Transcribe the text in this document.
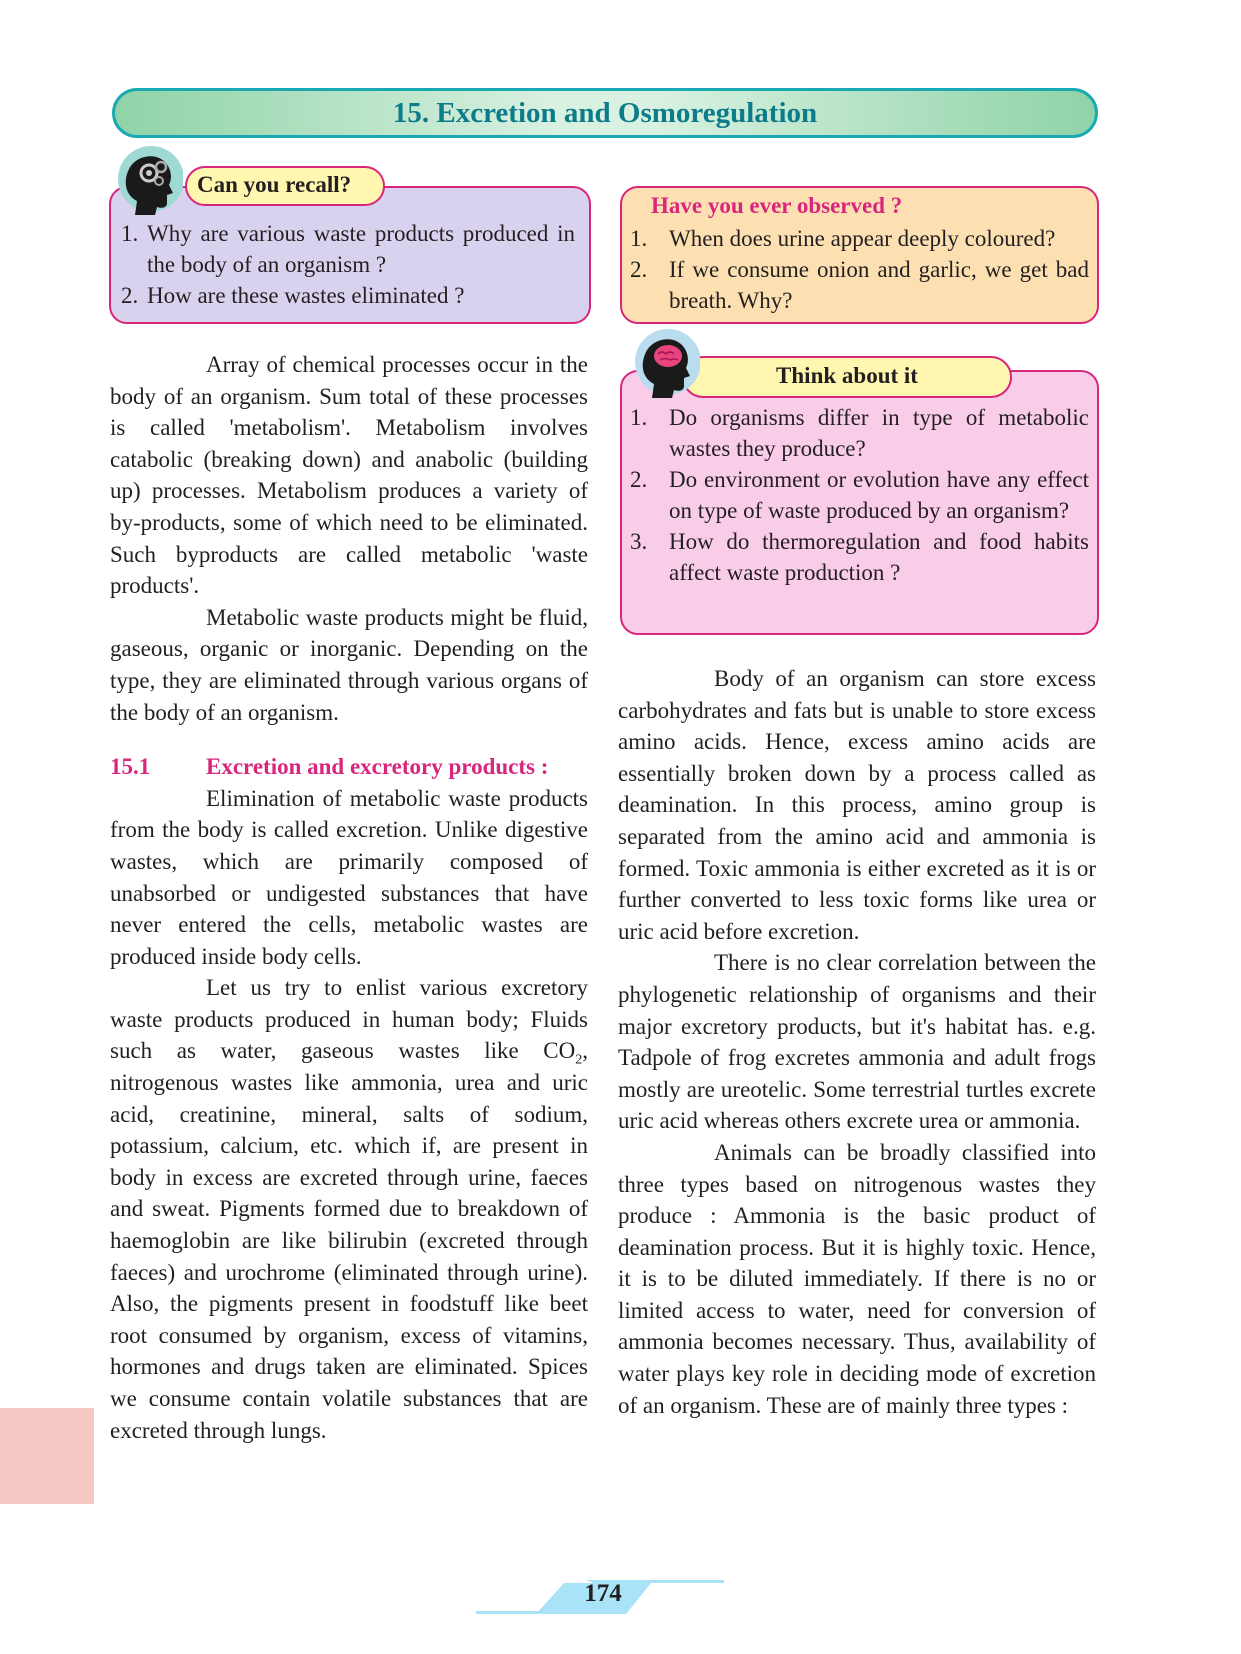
15. Excretion and Osmoregulation
1. Why are various waste products produced in the body of an organism ?
2. How are these wastes eliminated ?
Can you recall?
Have you ever observed ?
1. When does urine appear deeply coloured?
2. If we consume onion and garlic, we get bad breath. Why?
1. Do organisms differ in type of metabolic wastes they produce?
2. Do environment or evolution have any effect on type of waste produced by an organism?
3. How do thermoregulation and food habits affect waste production ?
Think about it

Array of chemical processes occur in the body of an organism. Sum total of these processes is called 'metabolism'. Metabolism involves catabolic (breaking down) and anabolic (building up) processes. Metabolism produces a variety of by-products, some of which need to be eliminated. Such byproducts are called metabolic 'waste products'.

Metabolic waste products might be fluid, gaseous, organic or inorganic. Depending on the type, they are eliminated through various organs of the body of an organism.

15.1	Excretion and excretory products :

Elimination of metabolic waste products from the body is called excretion. Unlike digestive wastes, which are primarily composed of unabsorbed or undigested substances that have never entered the cells, metabolic wastes are produced inside body cells.

Let us try to enlist various excretory waste products produced in human body; Fluids such as water, gaseous wastes like $CO_2$, nitrogenous wastes like ammonia, urea and uric acid, creatinine, mineral, salts of sodium, potassium, calcium, etc. which if, are present in body in excess are excreted through urine, faeces and sweat. Pigments formed due to breakdown of haemoglobin are like bilirubin (excreted through faeces) and urochrome (eliminated through urine). Also, the pigments present in foodstuff like beet root consumed by organism, excess of vitamins, hormones and drugs taken are eliminated. Spices we consume contain volatile substances that are excreted through lungs.

Body of an organism can store excess carbohydrates and fats but is unable to store excess amino acids. Hence, excess amino acids are essentially broken down by a process called as deamination. In this process, amino group is separated from the amino acid and ammonia is formed. Toxic ammonia is either excreted as it is or further converted to less toxic forms like urea or uric acid before excretion.

There is no clear correlation between the phylogenetic relationship of organisms and their major excretory products, but it's habitat has. e.g. Tadpole of frog excretes ammonia and adult frogs mostly are ureotelic. Some terrestrial turtles excrete uric acid whereas others excrete urea or ammonia.

Animals can be broadly classified into three types based on nitrogenous wastes they produce : Ammonia is the basic product of deamination process. But it is highly toxic. Hence, it is to be diluted immediately. If there is no or limited access to water, need for conversion of ammonia becomes necessary. Thus, availability of water plays key role in deciding mode of excretion of an organism. These are of mainly three types :

174
